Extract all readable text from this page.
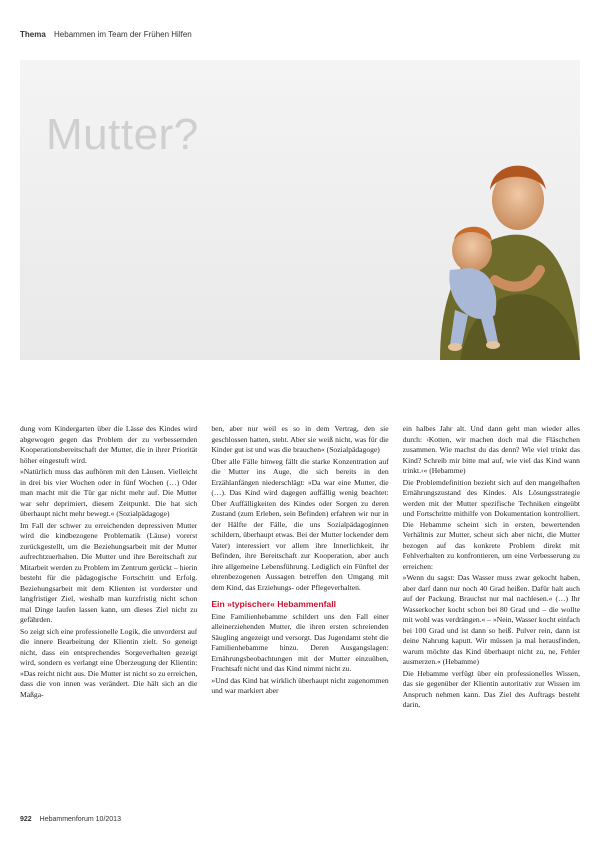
Thema Hebammen im Team der Frühen Hilfen
Mutter?

dung vom Kindergarten über die Lässe des Kindes wird abgewogen gegen das Problem der zu verbessernden Kooperationsbereitschaft der Mutter, die in ihrer Priorität höher eingestuft wird.

»Natürlich muss das aufhören mit den Läusen. Vielleicht in drei bis vier Wochen oder in fünf Wochen (…) Oder man macht mit die Tür gar nicht mehr auf. Die Mutter war sehr deprimiert, diesem Zeitpunkt. Die hat sich überhaupt nicht mehr bewegt.« (Sozialpädagoge)

Im Fall der schwer zu erreichenden depressiven Mutter wird die kindbezogene Problematik (Läuse) vorerst zurückgestellt, um die Beziehungsarbeit mit der Mutter aufrechtzuerhalten. Die Mutter und ihre Bereitschaft zur Mitarbeit werden zu Problem im Zentrum gerückt – hierin besteht für die pädagogische Fortschritt und Erfolg. Beziehungsarbeit mit dem Klienten ist vorderster und langfristiger Ziel, weshalb man kurzfristig nicht schon mal Dinge laufen lassen kann, um dieses Ziel nicht zu gefährden.

So zeigt sich eine professionelle Logik, die unvorderst auf die innere Bearbeitung der Klientin zielt. So geneigt nicht, dass ein entsprechendes Sorgeverhalten gezeigt wird, sondern es verlangt eine Überzeugung der Klientin: »Das reicht nicht aus. Die Mutter ist nicht so zu erreichen, dass die von innen was verändert. Die hält sich an die Maßga-

ben, aber nur weil es so in dem Vertrag, den sie geschlossen hatten, steht. Aber sie weiß nicht, was für die Kinder gut ist und was die brauchen« (Sozialpädagoge)

Über alle Fälle hinweg fällt die starke Konzentration auf die Mutter ins Auge, die sich bereits in den Erzählanfängen niederschlägt: »Da war eine Mutter, die (…). Das Kind wird dagegen auffällig wenig beachtet: Über Auffälligkeiten des Kindes oder Sorgen zu deren Zustand (zum Erleben, sein Befinden) erfahren wir nur in der Hälfte der Fälle, die uns Sozialpädagoginnen schildern, überhaupt etwas. Bei der Mutter lockender dem Vater) interessiert vor allem ihre Innerlichkeit, ihr Befinden, ihre Bereitschaft zur Kooperation, aber auch ihre allgemeine Lebensführung. Lediglich ein Fünftel der ehrenbezogenen Aussagen betreffen den Umgang mit dem Kind, das Erziehungs- oder Pflegeverhalten.

Ein »typischer« Hebammenfall

Eine Familienhebamme schildert uns den Fall einer alleinerziehenden Mutter, die ihren ersten schreienden Säugling angezeigt und versorgt. Das Jugendamt steht die Familienhebamme hinzu. Deren Ausgangslagen: Ernährungsbeobachtungen mit der Mutter einzuüben, Fruchtsaft nicht und das Kind nimmt nicht zu.

»Und das Kind hat wirklich überhaupt nicht zugenommen und war markiert aber

ein halbes Jahr alt. Und dann geht man wieder alles durch: ›Kotten, wir machen doch mal die Fläschchen zusammen. Wie machst du das denn? Wie viel trinkt das Kind? Schreib mir bitte mal auf, wie viel das Kind wann trinkt.‹« (Hebamme)

Die Problemdefinition bezieht sich auf den mangelhaften Ernährungszustand des Kindes. Als Lösungsstrategie werden mit der Mutter spezifische Techniken eingeübt und Fortschritte mithilfe von Dokumentation kontrolliert. Die Hebamme scheint sich in ersten, bewertenden Verhältnis zur Mutter, scheut sich aber nicht, die Mutter bezogen auf das konkrete Problem direkt mit Fehlverhalten zu konfrontieren, um eine Verbesserung zu erreichen:

»Wenn du sagst: Das Wasser muss zwar gekocht haben, aber darf dann nur noch 40 Grad heißen. Dafür halt auch auf der Packung. Brauchst nur mal nachlesen.« (…) Ihr Wasserkocher kocht schon bei 80 Grad und – die wollte mit wohl was verdrängen.« – »Nein, Wasser kocht einfach bei 100 Grad und ist dann so heiß. Pulver rein, dann ist deine Nahrung kaputt. Wir müssen ja mal herausfinden, warum möchte das Kind überhaupt nicht zu, ne, Fehler ausmerzen.« (Hebamme)

Die Hebamme verfügt über ein professionelles Wissen, das sie gegenüber der Klientin autoritativ zur Wissen im Anspruch nehmen kann. Das Ziel des Auftrags besteht darin,

922 Hebammenforum 10/2013
